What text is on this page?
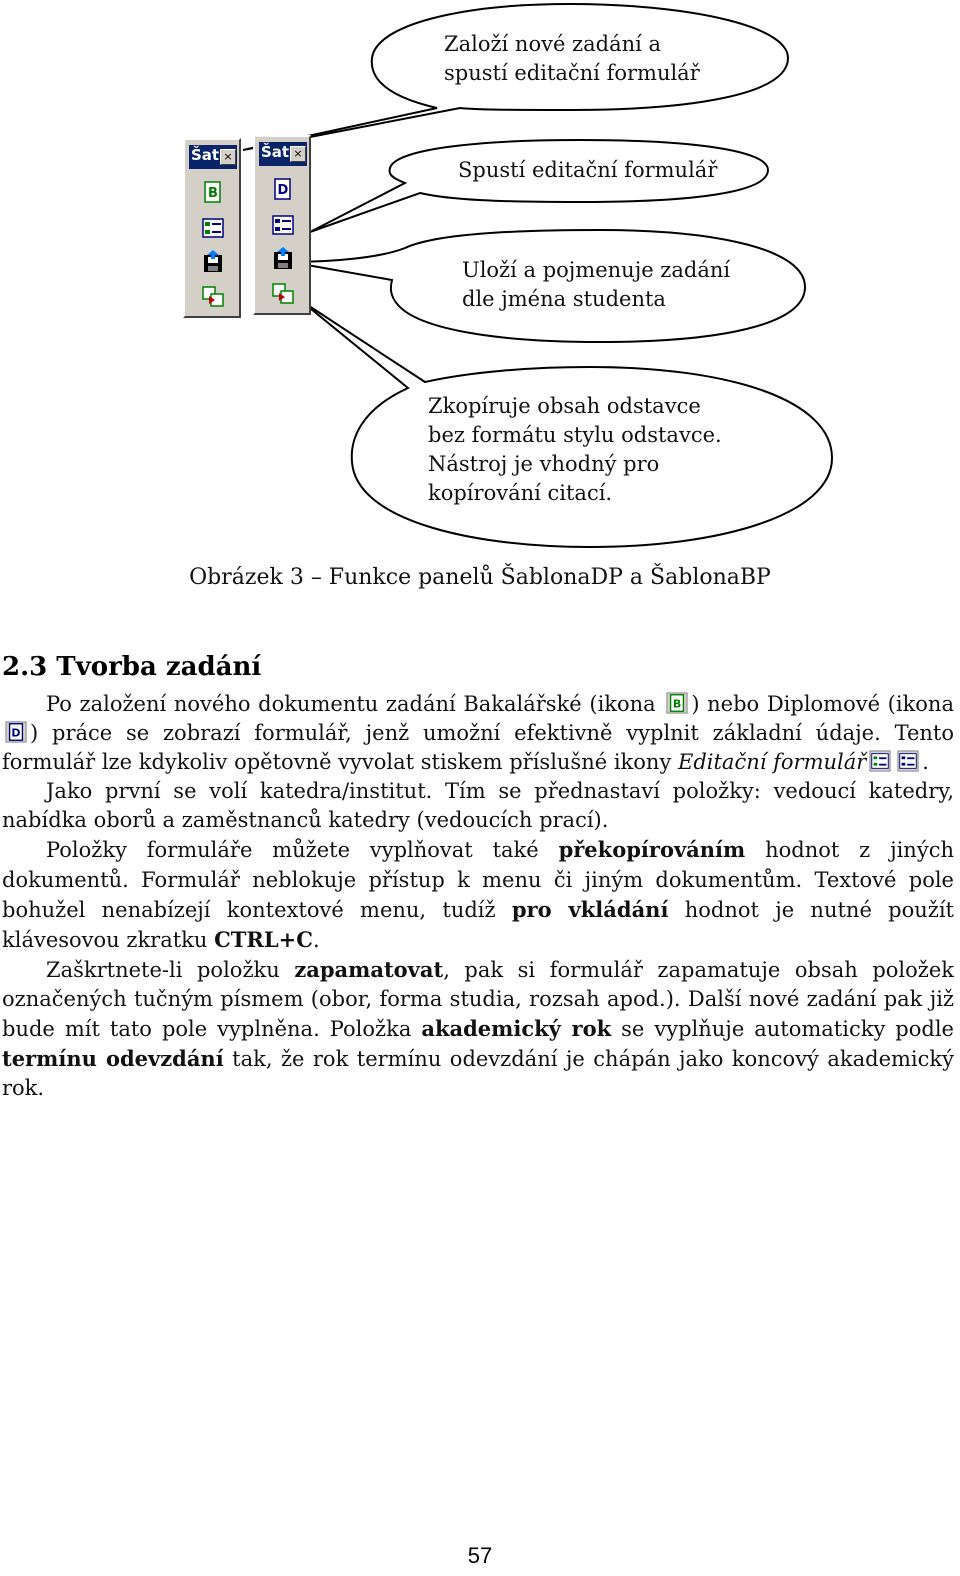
Založí nové zadání a
spustí editační formulář
Spustí editační formulář
Uloží a pojmenuje zadání
dle jména studenta
Zkopíruje obsah odstavce
bez formátu stylu odstavce.
Nástroj je vhodný pro
kopírování citací.
Šat ×
B
Šat ×
D
Obrázek 3 – Funkce panelů ŠablonaDP a ŠablonaBP
2.3 Tvorba zadání

Po založení nového dokumentu zadání Bakalářské (ikona B ) nebo Diplomové (ikona
D ) práce se zobrazí formulář, jenž umožní efektivně vyplnit základní údaje. Tento formulář lze kdykoliv opětovně vyvolat stiskem příslušné ikony Editační formulář	.

Jako první se volí katedra/institut. Tím se přednastaví položky: vedoucí katedry, nabídka oborů a zaměstnanců katedry (vedoucích prací).

Položky formuláře můžete vyplňovat také překopírováním hodnot z jiných dokumentů. Formulář neblokuje přístup k menu či jiným dokumentům. Textové pole bohužel nenabízejí kontextové menu, tudíž pro vkládání hodnot je nutné použít klávesovou zkratku CTRL+C.

Zaškrtnete-li položku zapamatovat, pak si formulář zapamatuje obsah položek označených tučným písmem (obor, forma studia, rozsah apod.). Další nové zadání pak již bude mít tato pole vyplněna. Položka akademický rok se vyplňuje automaticky podle termínu odevzdání tak, že rok termínu odevzdání je chápán jako koncový akademický rok.

57
